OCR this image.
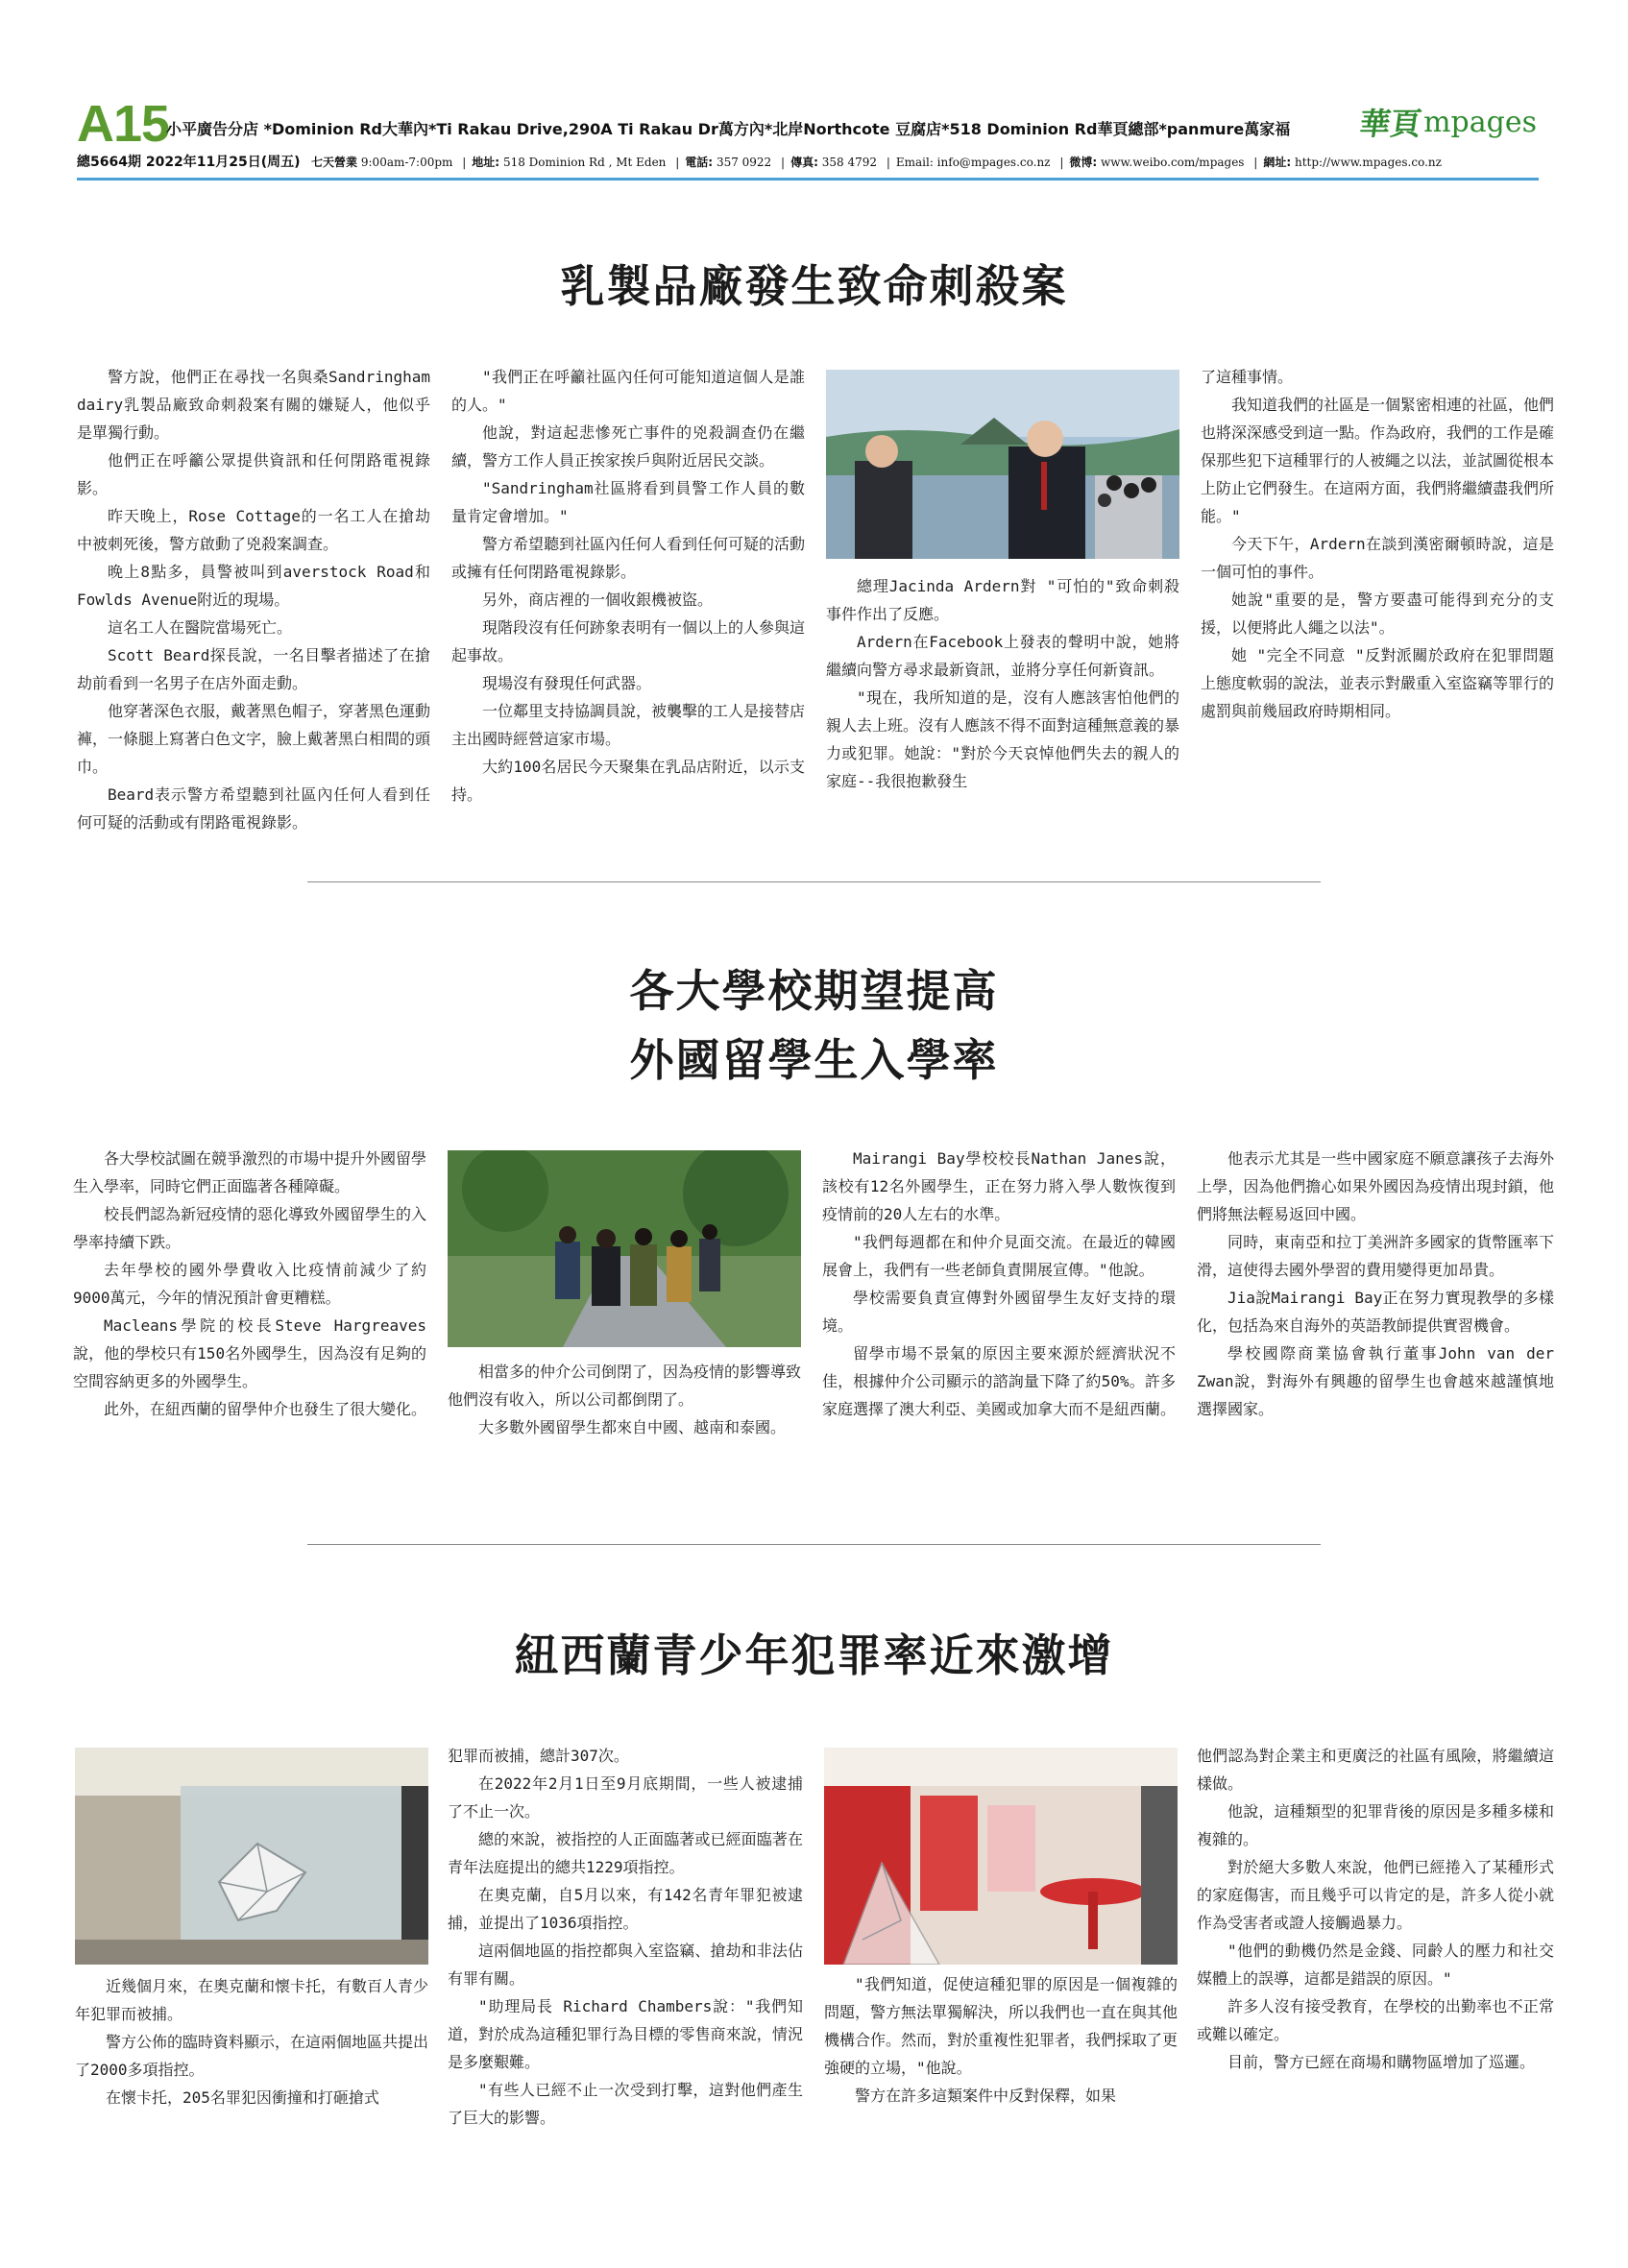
A15
小平廣告分店 *Dominion Rd大華內*Ti Rakau Drive,290A Ti Rakau Dr萬方內*北岸Northcote 豆腐店*518 Dominion Rd華頁總部*panmure萬家福 華頁mpages
總5664期 2022年11月25日(周五) 七天營業 9:00am-7:00pm | 地址: 518 Dominion Rd , Mt Eden | 電話: 357 0922 | 傳真: 358 4792 | Email: info@mpages.co.nz | 微博: www.weibo.com/mpages | 網址: http://www.mpages.co.nz
乳製品廠發生致命刺殺案

警方說，他們正在尋找一名與桑Sandringham dairy乳製品廠致命刺殺案有關的嫌疑人，他似乎是單獨行動。

他們正在呼籲公眾提供資訊和任何閉路電視錄影。

昨天晚上，Rose Cottage的一名工人在搶劫中被刺死後，警方啟動了兇殺案調查。

晚上8點多，員警被叫到averstock Road和 Fowlds Avenue附近的現場。

這名工人在醫院當場死亡。

Scott Beard探長說，一名目擊者描述了在搶劫前看到一名男子在店外面走動。

他穿著深色衣服，戴著黑色帽子，穿著黑色運動褲，一條腿上寫著白色文字，臉上戴著黑白相間的頭巾。

Beard表示警方希望聽到社區內任何人看到任何可疑的活動或有閉路電視錄影。

"我們正在呼籲社區內任何可能知道這個人是誰的人。"

他說，對這起悲慘死亡事件的兇殺調查仍在繼續，警方工作人員正挨家挨戶與附近居民交談。

"Sandringham社區將看到員警工作人員的數量肯定會增加。"

警方希望聽到社區內任何人看到任何可疑的活動或擁有任何閉路電視錄影。

另外，商店裡的一個收銀機被盜。

現階段沒有任何跡象表明有一個以上的人參與這起事故。

現場沒有發現任何武器。

一位鄰里支持協調員說，被襲擊的工人是接替店主出國時經營這家市場。

大約100名居民今天聚集在乳品店附近，以示支持。

總理Jacinda Ardern對 "可怕的"致命刺殺事件作出了反應。

Ardern在Facebook上發表的聲明中說，她將繼續向警方尋求最新資訊，並將分享任何新資訊。

"現在，我所知道的是，沒有人應該害怕他們的親人去上班。沒有人應該不得不面對這種無意義的暴力或犯罪。她說："對於今天哀悼他們失去的親人的家庭--我很抱歉發生

了這種事情。

我知道我們的社區是一個緊密相連的社區，他們也將深深感受到這一點。作為政府，我們的工作是確保那些犯下這種罪行的人被繩之以法，並試圖從根本上防止它們發生。在這兩方面，我們將繼續盡我們所能。"

今天下午，Ardern在談到漢密爾頓時說，這是一個可怕的事件。

她說"重要的是，警方要盡可能得到充分的支援，以便將此人繩之以法"。

她 "完全不同意 "反對派關於政府在犯罪問題上態度軟弱的說法，並表示對嚴重入室盜竊等罪行的處罰與前幾屆政府時期相同。

各大學校期望提高
外國留學生入學率

各大學校試圖在競爭激烈的市場中提升外國留學生入學率，同時它們正面臨著各種障礙。

校長們認為新冠疫情的惡化導致外國留學生的入學率持續下跌。

去年學校的國外學費收入比疫情前減少了約9000萬元，今年的情況預計會更糟糕。

Macleans學院的校長Steve Hargreaves說，他的學校只有150名外國學生，因為沒有足夠的空間容納更多的外國學生。

此外，在紐西蘭的留學仲介也發生了很大變化。

相當多的仲介公司倒閉了，因為疫情的影響導致他們沒有收入，所以公司都倒閉了。

大多數外國留學生都來自中國、越南和泰國。

Mairangi Bay學校校長Nathan Janes說，該校有12名外國學生，正在努力將入學人數恢復到疫情前的20人左右的水準。

"我們每週都在和仲介見面交流。在最近的韓國展會上，我們有一些老師負責開展宣傳。"他說。

學校需要負責宣傳對外國留學生友好支持的環境。

留學市場不景氣的原因主要來源於經濟狀況不佳，根據仲介公司顯示的諮詢量下降了約50%。許多家庭選擇了澳大利亞、美國或加拿大而不是紐西蘭。

他表示尤其是一些中國家庭不願意讓孩子去海外上學，因為他們擔心如果外國因為疫情出現封鎖，他們將無法輕易返回中國。

同時，東南亞和拉丁美洲許多國家的貨幣匯率下滑，這使得去國外學習的費用變得更加昂貴。

Jia說Mairangi Bay正在努力實現教學的多樣化，包括為來自海外的英語教師提供實習機會。

學校國際商業協會執行董事John van der Zwan說，對海外有興趣的留學生也會越來越謹慎地選擇國家。

紐西蘭青少年犯罪率近來激增

近幾個月來，在奧克蘭和懷卡托，有數百人青少年犯罪而被捕。

警方公佈的臨時資料顯示，在這兩個地區共提出了2000多項指控。

在懷卡托，205名罪犯因衝撞和打砸搶式

犯罪而被捕，總計307次。

在2022年2月1日至9月底期間，一些人被逮捕了不止一次。

總的來說，被指控的人正面臨著或已經面臨著在青年法庭提出的總共1229項指控。

在奧克蘭，自5月以來，有142名青年罪犯被逮捕，並提出了1036項指控。

這兩個地區的指控都與入室盜竊、搶劫和非法佔有罪有關。

"助理局長 Richard Chambers說："我們知道，對於成為這種犯罪行為目標的零售商來說，情況是多麼艱難。

"有些人已經不止一次受到打擊，這對他們產生了巨大的影響。

"我們知道，促使這種犯罪的原因是一個複雜的問題，警方無法單獨解決，所以我們也一直在與其他機構合作。然而，對於重複性犯罪者，我們採取了更強硬的立場，"他說。

警方在許多這類案件中反對保釋，如果

他們認為對企業主和更廣泛的社區有風險，將繼續這樣做。

他說，這種類型的犯罪背後的原因是多種多樣和複雜的。

對於絕大多數人來說，他們已經捲入了某種形式的家庭傷害，而且幾乎可以肯定的是，許多人從小就作為受害者或證人接觸過暴力。

"他們的動機仍然是金錢、同齡人的壓力和社交媒體上的誤導，這都是錯誤的原因。"

許多人沒有接受教育，在學校的出勤率也不正常或難以確定。

目前，警方已經在商場和購物區增加了巡邏。
